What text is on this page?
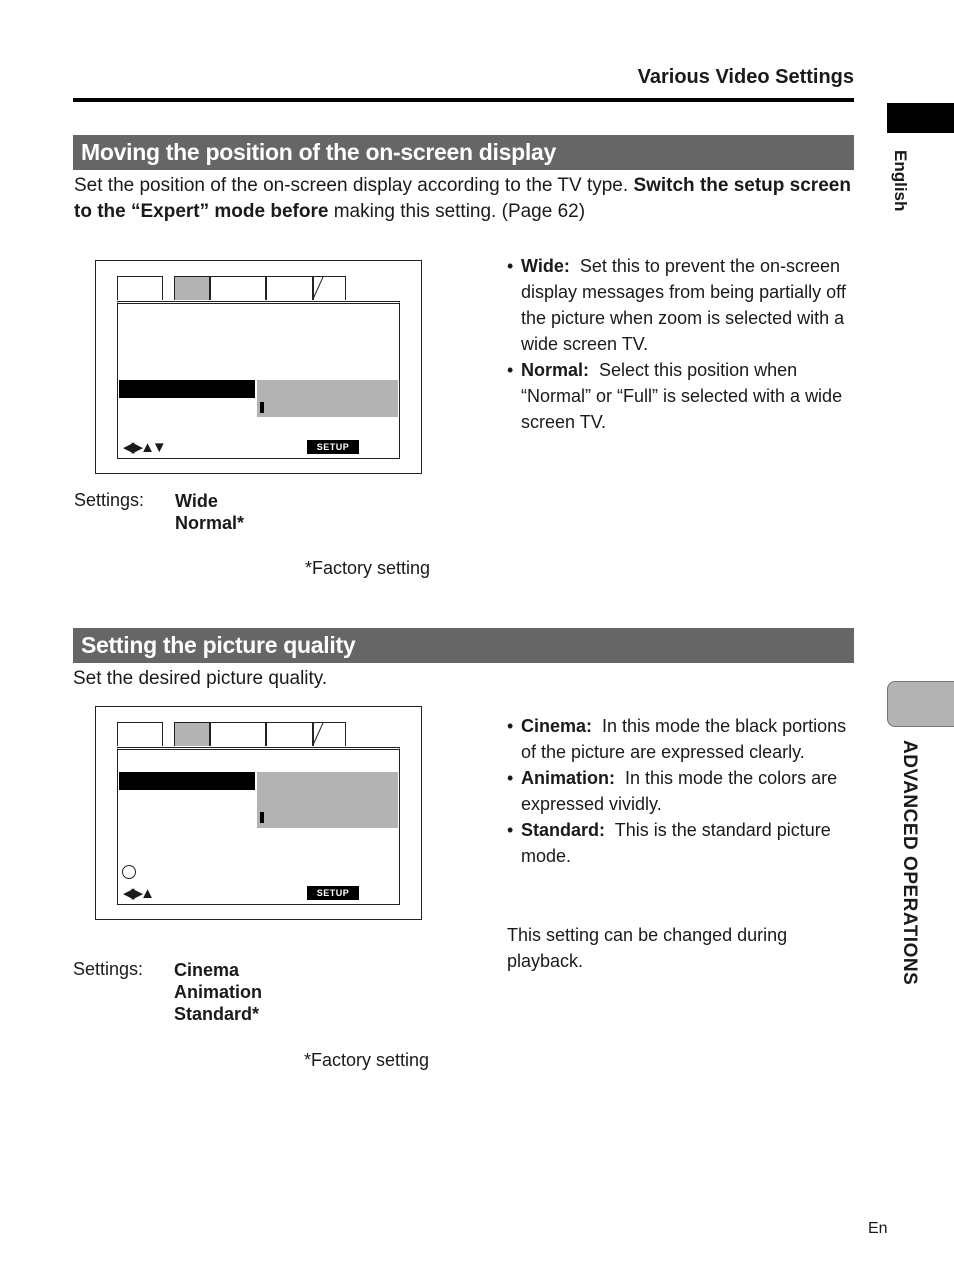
Various Video Settings
English
ADVANCED OPERATIONS
Moving the position of the on-screen display
Set the position of the on-screen display according to the TV type. Switch the setup screen to the “Expert” mode before making this setting. (Page 62)
◀▶▲▼	SETUP
Settings: Wide
Normal*
*Factory setting
• Wide: Set this to prevent the on-screen display messages from being partially off the picture when zoom is selected with a wide screen TV.
• Normal: Select this position when “Normal” or “Full” is selected with a wide screen TV.
Setting the picture quality
Set the desired picture quality.
◀▶▲	SETUP
Settings: Cinema
Animation
Standard*
*Factory setting
• Cinema: In this mode the black portions of the picture are expressed clearly.
• Animation: In this mode the colors are expressed vividly.
• Standard: This is the standard picture mode.
This setting can be changed during playback.
En
